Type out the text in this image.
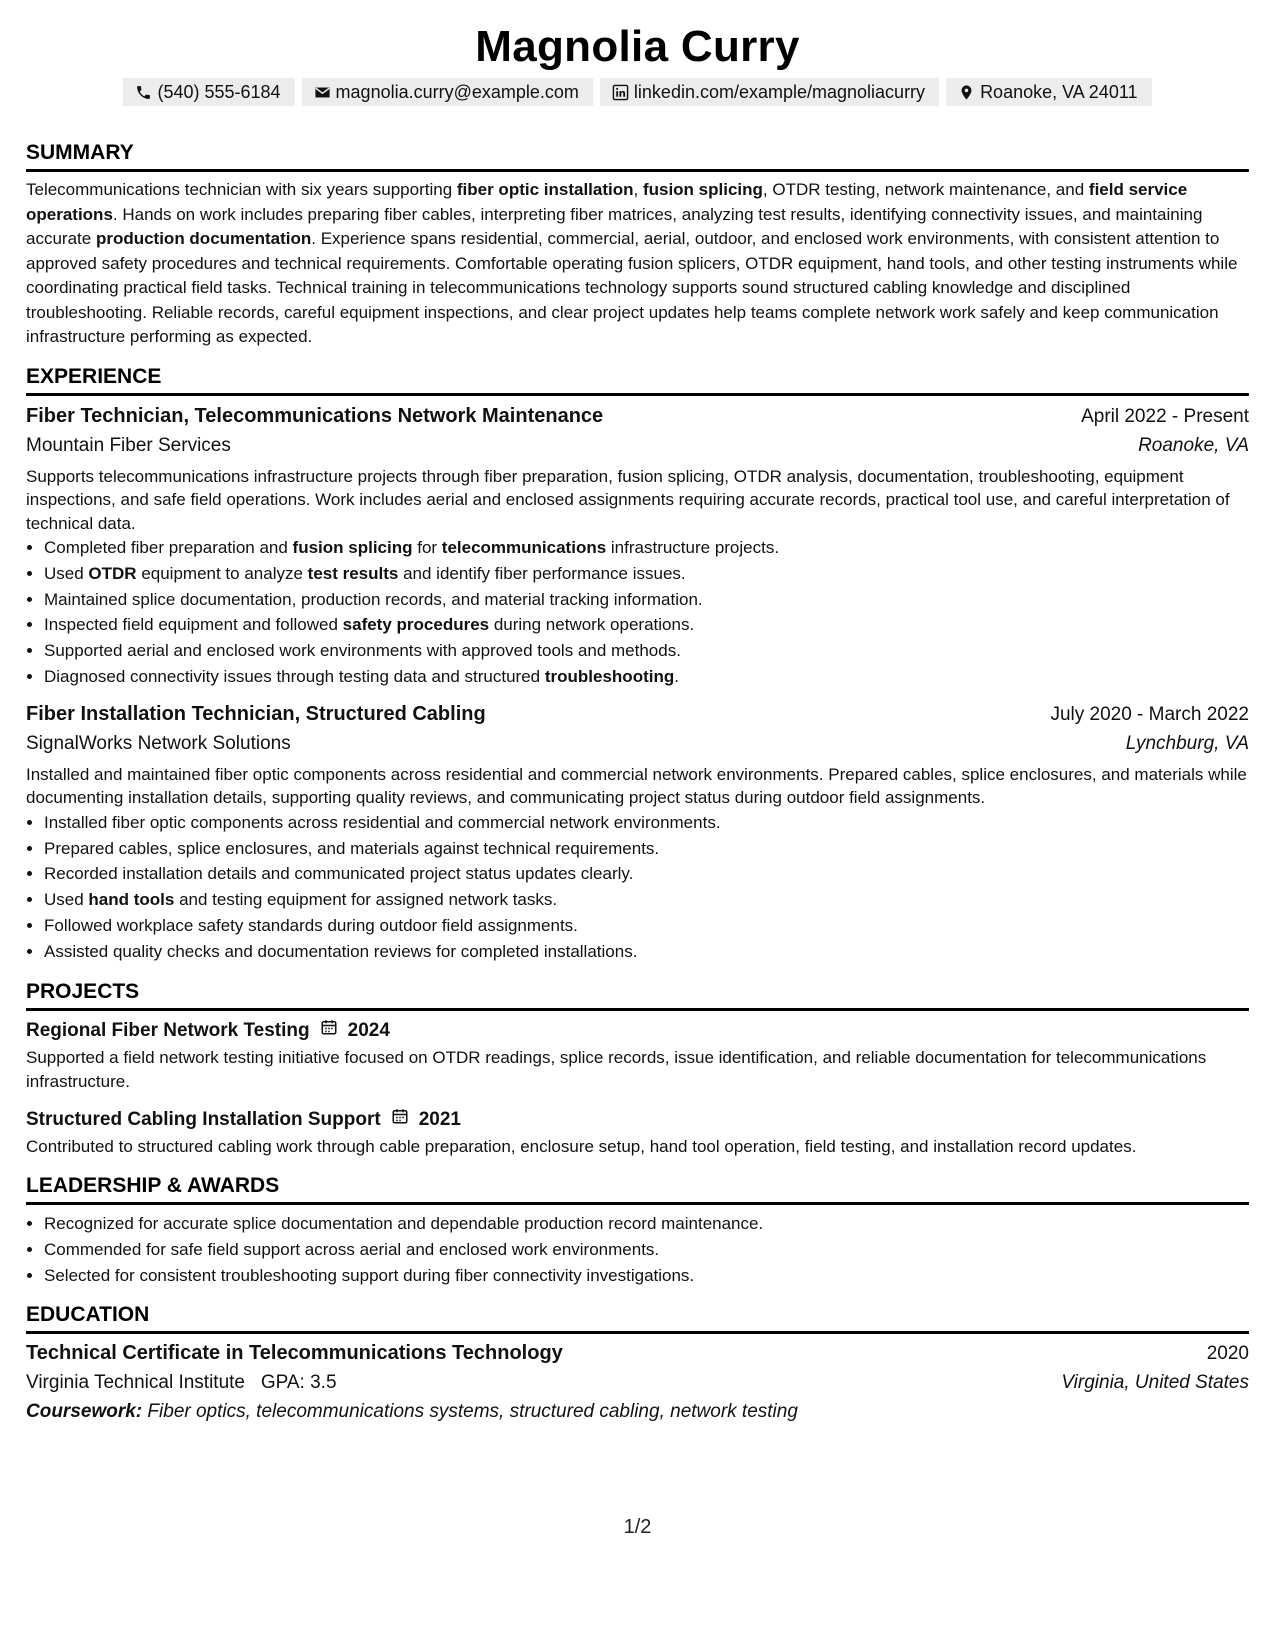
Magnolia Curry
(540) 555-6184	magnolia.curry@example.com	linkedin.com/example/magnoliacurry	Roanoke, VA 24011
SUMMARY
Telecommunications technician with six years supporting fiber optic installation, fusion splicing, OTDR testing, network maintenance, and field service operations. Hands on work includes preparing fiber cables, interpreting fiber matrices, analyzing test results, identifying connectivity issues, and maintaining accurate production documentation. Experience spans residential, commercial, aerial, outdoor, and enclosed work environments, with consistent attention to approved safety procedures and technical requirements. Comfortable operating fusion splicers, OTDR equipment, hand tools, and other testing instruments while coordinating practical field tasks. Technical training in telecommunications technology supports sound structured cabling knowledge and disciplined troubleshooting. Reliable records, careful equipment inspections, and clear project updates help teams complete network work safely and keep communication infrastructure performing as expected.
EXPERIENCE
Fiber Technician, Telecommunications Network Maintenance	April 2022 - Present
Mountain Fiber Services	Roanoke, VA
Supports telecommunications infrastructure projects through fiber preparation, fusion splicing, OTDR analysis, documentation, troubleshooting, equipment inspections, and safe field operations. Work includes aerial and enclosed assignments requiring accurate records, practical tool use, and careful interpretation of technical data.
• Completed fiber preparation and fusion splicing for telecommunications infrastructure projects.
• Used OTDR equipment to analyze test results and identify fiber performance issues.
• Maintained splice documentation, production records, and material tracking information.
• Inspected field equipment and followed safety procedures during network operations.
• Supported aerial and enclosed work environments with approved tools and methods.
• Diagnosed connectivity issues through testing data and structured troubleshooting.
Fiber Installation Technician, Structured Cabling	July 2020 - March 2022
SignalWorks Network Solutions	Lynchburg, VA
Installed and maintained fiber optic components across residential and commercial network environments. Prepared cables, splice enclosures, and materials while documenting installation details, supporting quality reviews, and communicating project status during outdoor field assignments.
• Installed fiber optic components across residential and commercial network environments.
• Prepared cables, splice enclosures, and materials against technical requirements.
• Recorded installation details and communicated project status updates clearly.
• Used hand tools and testing equipment for assigned network tasks.
• Followed workplace safety standards during outdoor field assignments.
• Assisted quality checks and documentation reviews for completed installations.
PROJECTS
Regional Fiber Network Testing 2024
Supported a field network testing initiative focused on OTDR readings, splice records, issue identification, and reliable documentation for telecommunications infrastructure.
Structured Cabling Installation Support 2021
Contributed to structured cabling work through cable preparation, enclosure setup, hand tool operation, field testing, and installation record updates.
LEADERSHIP & AWARDS
• Recognized for accurate splice documentation and dependable production record maintenance.
• Commended for safe field support across aerial and enclosed work environments.
• Selected for consistent troubleshooting support during fiber connectivity investigations.
EDUCATION
Technical Certificate in Telecommunications Technology	2020
Virginia Technical Institute GPA: 3.5	Virginia, United States
Coursework: Fiber optics, telecommunications systems, structured cabling, network testing
1/2
